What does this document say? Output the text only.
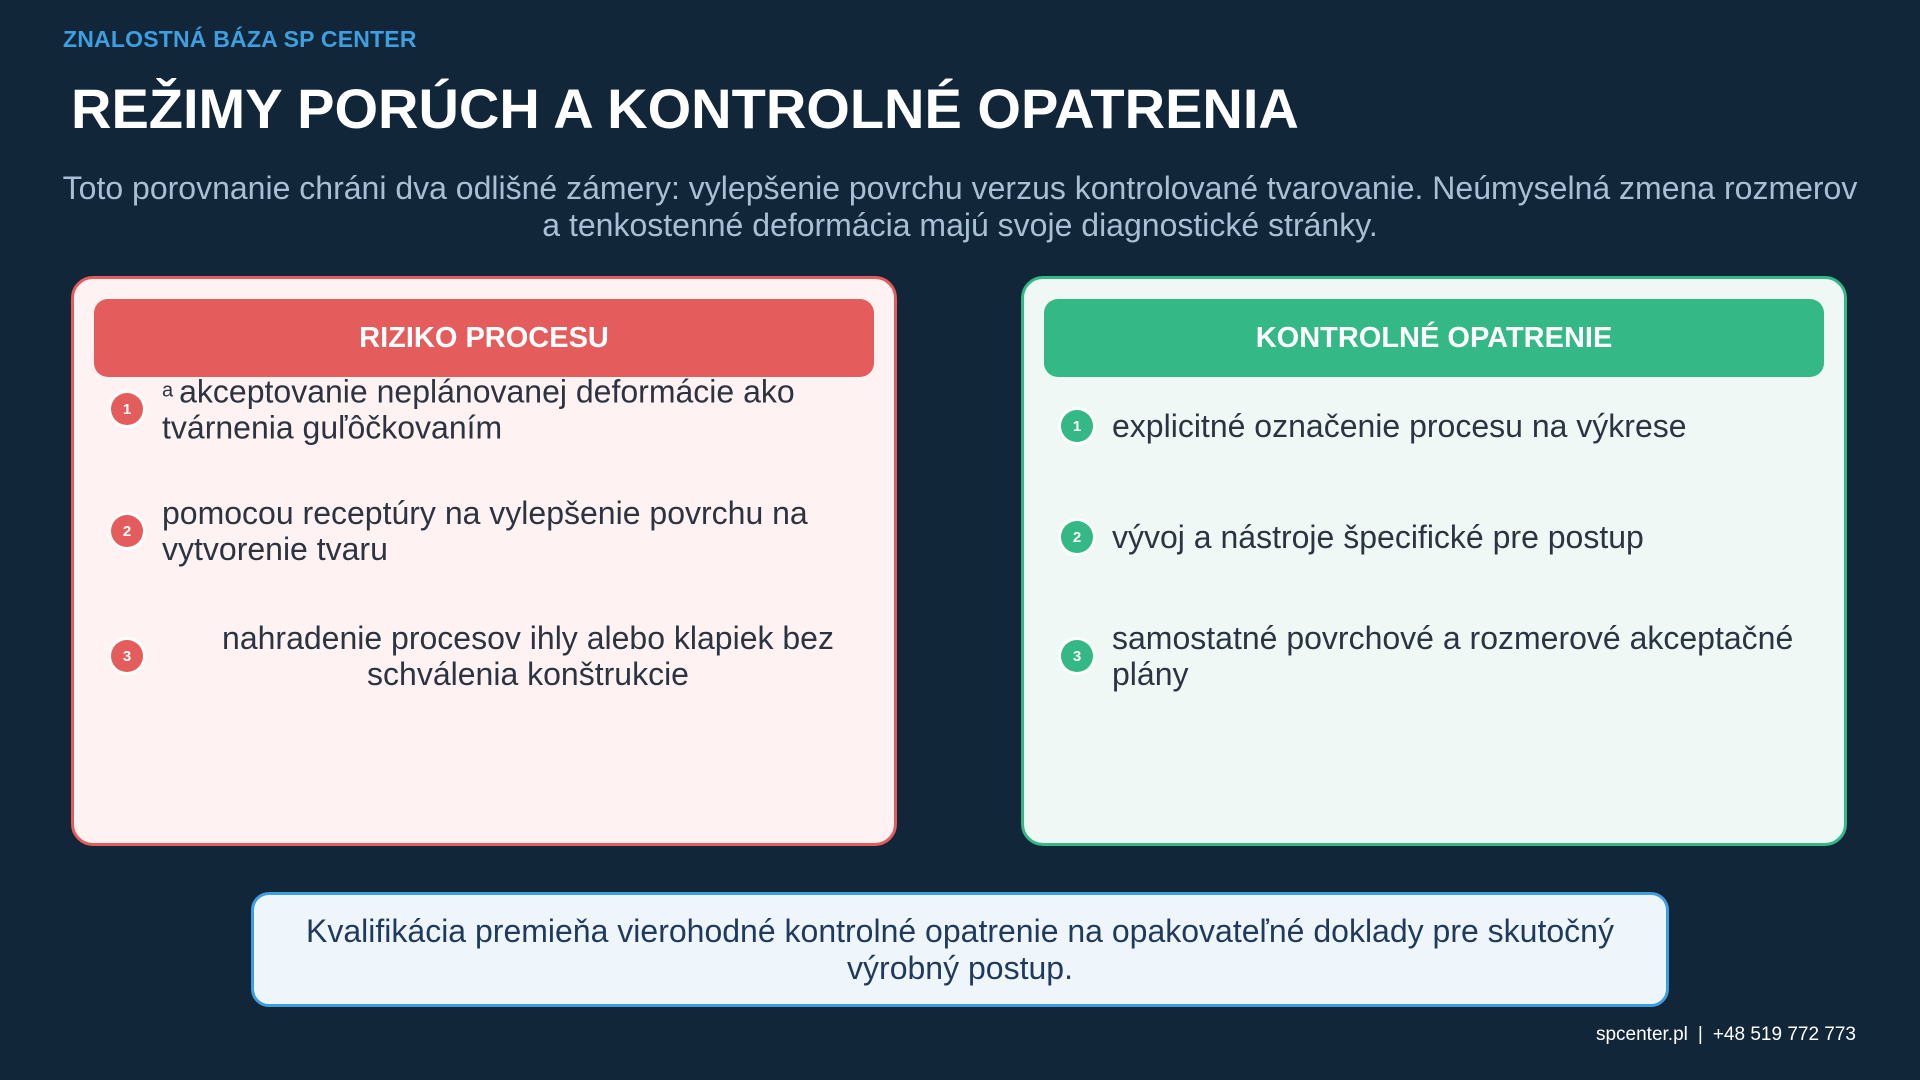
ZNALOSTNÁ BÁZA SP CENTER
REŽIMY PORÚCH A KONTROLNÉ OPATRENIA

Toto porovnanie chráni dva odlišné zámery: vylepšenie povrchu verzus kontrolované tvarovanie. Neúmyselná zmena rozmerov a tenkostenné deformácia majú svoje diagnostické stránky.

RIZIKO PROCESU
1
a akceptovanie neplánovanej deformácie ako tvárnenia guľôčkovaním
2 pomocou receptúry na vylepšenie povrchu na vytvorenie tvaru
3	nahradenie procesov ihly alebo klapiek bez schválenia konštrukcie
KONTROLNÉ OPATRENIE
1 explicitné označenie procesu na výkrese
2 vývoj a nástroje špecifické pre postup
3 samostatné povrchové a rozmerové akceptačné plány
Kvalifikácia premieňa vierohodné kontrolné opatrenie na opakovateľné doklady pre skutočný výrobný postup.
spcenter.pl | +48 519 772 773
